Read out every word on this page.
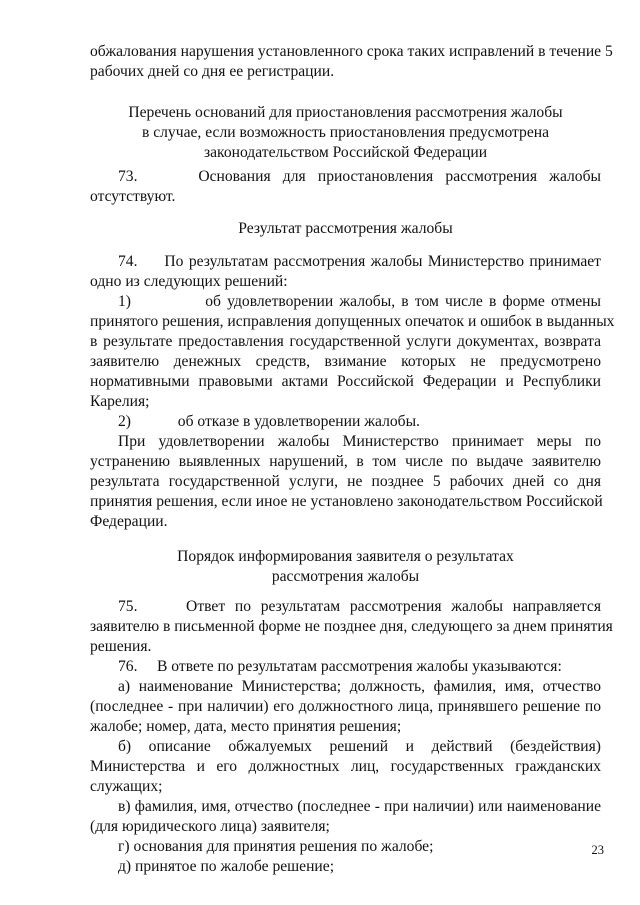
обжалования нарушения установленного срока таких исправлений в течение 5
рабочих дней со дня ее регистрации.
Перечень оснований для приостановления рассмотрения жалобы
в случае, если возможность приостановления предусмотрена
законодательством Российской Федерации
73.     Основания для приостановления рассмотрения жалобы
отсутствуют.
Результат рассмотрения жалобы
74.     По результатам рассмотрения жалобы Министерство принимает
одно из следующих решений:
1)            об удовлетворении жалобы, в том числе в форме отмены
принятого решения, исправления допущенных опечаток и ошибок в выданных
в результате предоставления государственной услуги документах, возврата
заявителю денежных средств, взимание которых не предусмотрено
нормативными правовыми актами Российской Федерации и Республики
Карелия;
2)            об отказе в удовлетворении жалобы.
При удовлетворении жалобы Министерство принимает меры по
устранению выявленных нарушений, в том числе по выдаче заявителю
результата государственной услуги, не позднее 5 рабочих дней со дня
принятия решения, если иное не установлено законодательством Российской
Федерации.
Порядок информирования заявителя о результатах
рассмотрения жалобы
75.     Ответ по результатам рассмотрения жалобы направляется
заявителю в письменной форме не позднее дня, следующего за днем принятия
решения.
76.     В ответе по результатам рассмотрения жалобы указываются:
а) наименование Министерства; должность, фамилия, имя, отчество
(последнее - при наличии) его должностного лица, принявшего решение по
жалобе; номер, дата, место принятия решения;
б) описание обжалуемых решений и действий (бездействия)
Министерства и его должностных лиц, государственных гражданских
служащих;
в) фамилия, имя, отчество (последнее - при наличии) или наименование
(для юридического лица) заявителя;
г) основания для принятия решения по жалобе;
д) принятое по жалобе решение;
23
